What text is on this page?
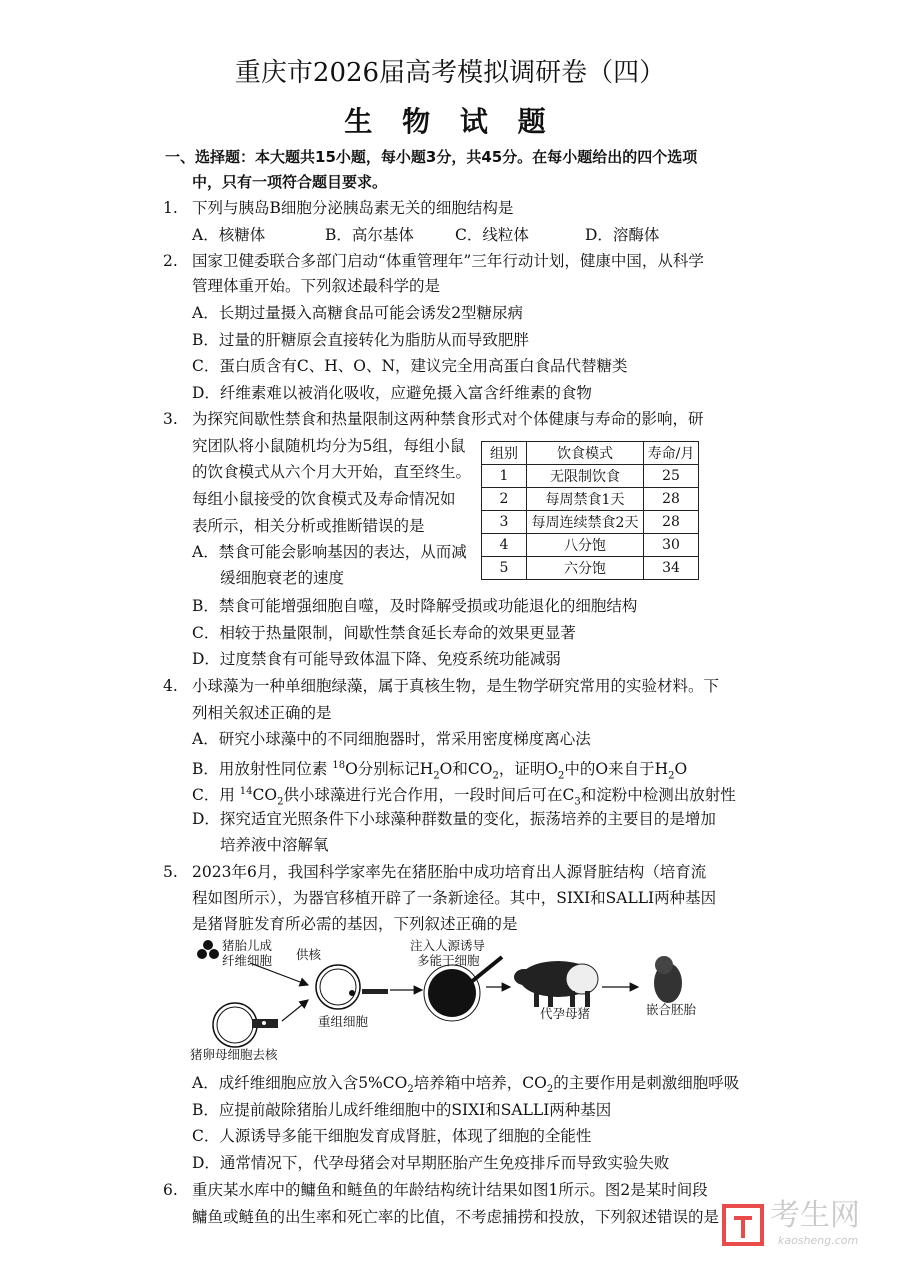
重庆市2026届高考模拟调研卷（四）
生 物 试 题
一、选择题：本大题共15小题，每小题3分，共45分。在每小题给出的四个选项
中，只有一项符合题目要求。
1. 下列与胰岛B细胞分泌胰岛素无关的细胞结构是
A．核糖体	B．高尔基体	C．线粒体	D．溶酶体
2. 国家卫健委联合多部门启动“体重管理年”三年行动计划，健康中国，从科学
管理体重开始。下列叙述最科学的是
A．长期过量摄入高糖食品可能会诱发2型糖尿病
B．过量的肝糖原会直接转化为脂肪从而导致肥胖
C．蛋白质含有C、H、O、N，建议完全用高蛋白食品代替糖类
D．纤维素难以被消化吸收，应避免摄入富含纤维素的食物
3. 为探究间歇性禁食和热量限制这两种禁食形式对个体健康与寿命的影响，研
究团队将小鼠随机均分为5组，每组小鼠
的饮食模式从六个月大开始，直至终生。
每组小鼠接受的饮食模式及寿命情况如
表所示，相关分析或推断错误的是
A．禁食可能会影响基因的表达，从而减
缓细胞衰老的速度
B．禁食可能增强细胞自噬，及时降解受损或功能退化的细胞结构
C．相较于热量限制，间歇性禁食延长寿命的效果更显著
D．过度禁食有可能导致体温下降、免疫系统功能减弱
组别	饮食模式	寿命/月
1	无限制饮食	25
2	每周禁食1天	28
3	每周连续禁食2天	28
4	八分饱	30
5	六分饱	34
4. 小球藻为一种单细胞绿藻，属于真核生物，是生物学研究常用的实验材料。下
列相关叙述正确的是
A．研究小球藻中的不同细胞器时，常采用密度梯度离心法
B．用放射性同位素 $^{18}$O分别标记$H_2O$和$CO_2$，证明$O_2$中的O来自于$H_2O$
C．用 $^{14}CO_2$供小球藻进行光合作用，一段时间后可在$C_3$和淀粉中检测出放射性
D．探究适宜光照条件下小球藻种群数量的变化，振荡培养的主要目的是增加
培养液中溶解氧
5. 2023年6月，我国科学家率先在猪胚胎中成功培育出人源肾脏结构（培育流
程如图所示），为器官移植开辟了一条新途径。其中，SIXI和SALLI两种基因
是猪肾脏发育所必需的基因，下列叙述正确的是
猪胎儿成
纤维细胞 供核
注入人源诱导
多能干细胞
重组细胞
代孕母猪	嵌合胚胎
猪卵母细胞去核
A．成纤维细胞应放入含$5\%CO_2$培养箱中培养，$CO_2$的主要作用是刺激细胞呼吸
B．应提前敲除猪胎儿成纤维细胞中的SIXI和SALLI两种基因
C．人源诱导多能干细胞发育成肾脏，体现了细胞的全能性
D．通常情况下，代孕母猪会对早期胚胎产生免疫排斥而导致实验失败
6. 重庆某水库中的鳙鱼和鲢鱼的年龄结构统计结果如图1所示。图2是某时间段
鳙鱼或鲢鱼的出生率和死亡率的比值，不考虑捕捞和投放，下列叙述错误的是 考生网
kaosheng.com
